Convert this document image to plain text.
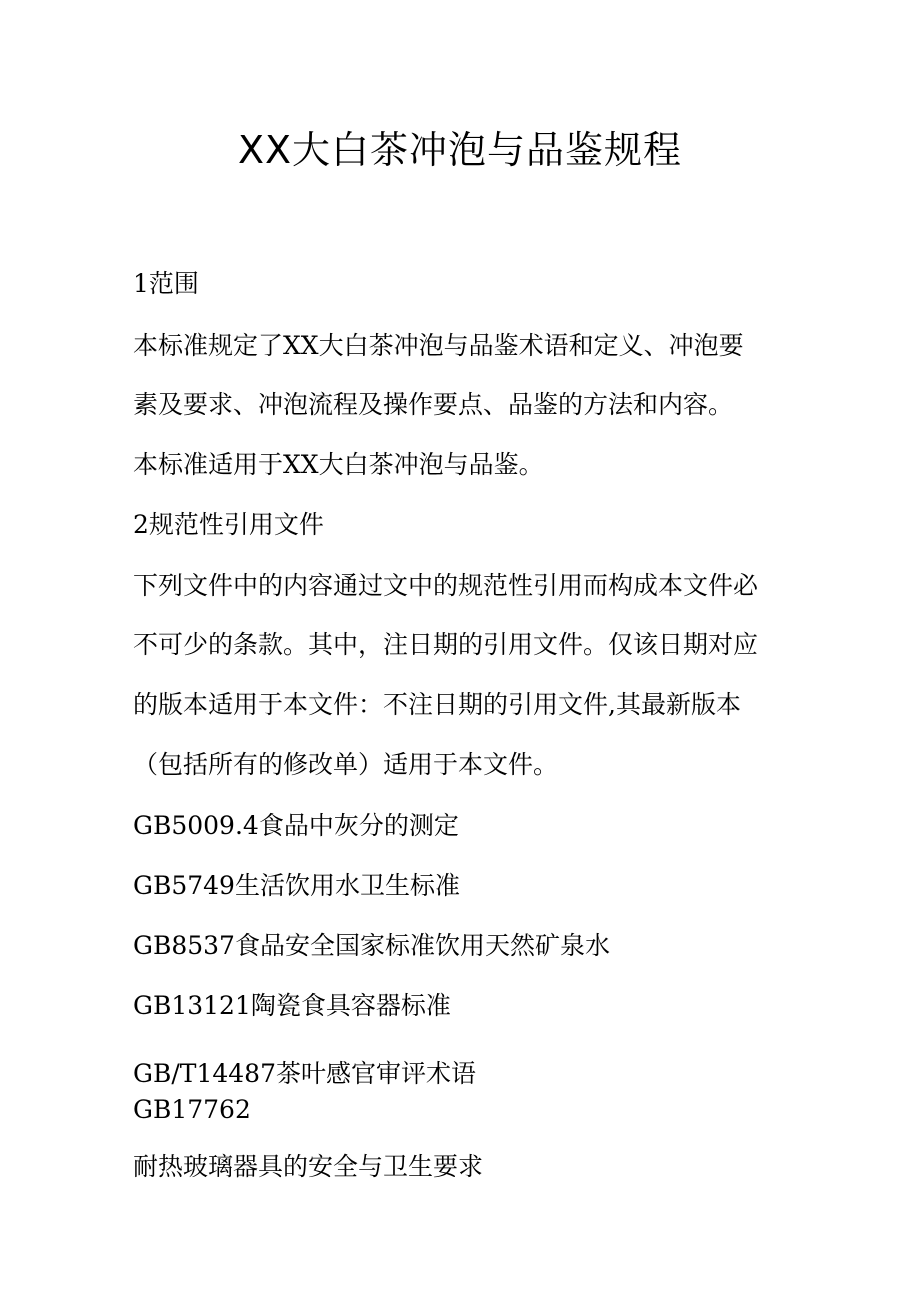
XX大白茶冲泡与品鉴规程

1范围

本标准规定了XX大白茶冲泡与品鉴术语和定义、冲泡要

素及要求、冲泡流程及操作要点、品鉴的方法和内容。

本标准适用于XX大白茶冲泡与品鉴。

2规范性引用文件

下列文件中的内容通过文中的规范性引用而构成本文件必

不可少的条款。其中，注日期的引用文件。仅该日期对应

的版本适用于本文件：不注日期的引用文件,其最新版本

（包括所有的修改单）适用于本文件。

GB5009.4食品中灰分的测定

GB5749生活饮用水卫生标准

GB8537食品安全国家标准饮用天然矿泉水

GB13121陶瓷食具容器标准

GB/T14487茶叶感官审评术语

GB17762

耐热玻璃器具的安全与卫生要求
